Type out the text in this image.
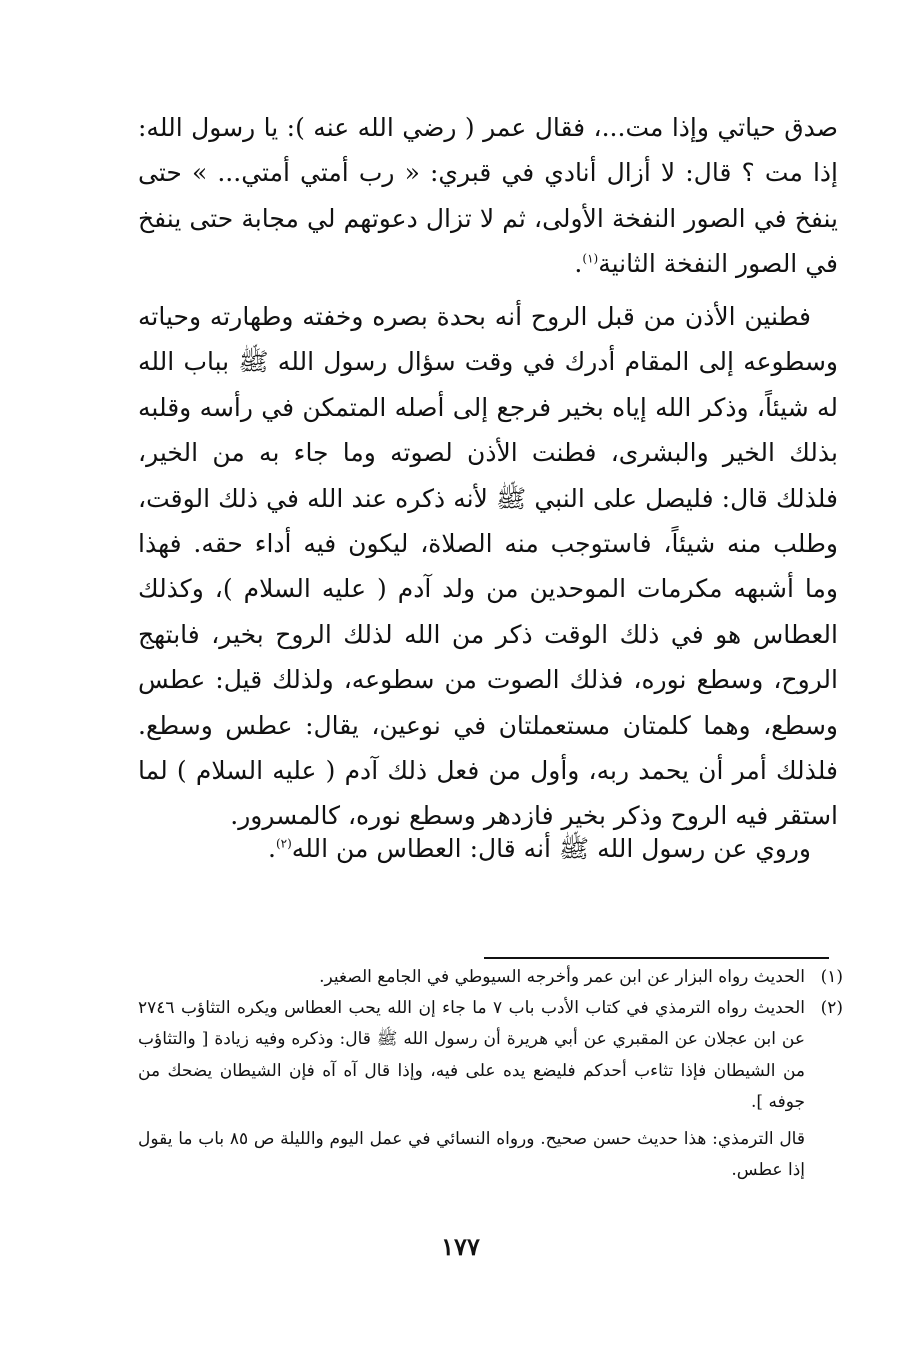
صدق حياتي وإذا مت...، فقال عمر ( رضي الله عنه ): يا رسول الله: إذا مت ؟ قال: لا أزال أنادي في قبري: « رب أمتي أمتي... » حتى ينفخ في الصور النفخة الأولى، ثم لا تزال دعوتهم لي مجابة حتى ينفخ في الصور النفخة الثانية$^{(١)}$.

فطنين الأذن من قبل الروح أنه بحدة بصره وخفته وطهارته وحياته وسطوعه إلى المقام أدرك في وقت سؤال رسول الله ﷺ بباب الله له شيئاً، وذكر الله إياه بخير فرجع إلى أصله المتمكن في رأسه وقلبه بذلك الخير والبشرى، فطنت الأذن لصوته وما جاء به من الخير، فلذلك قال: فليصل على النبي ﷺ لأنه ذكره عند الله في ذلك الوقت، وطلب منه شيئاً، فاستوجب منه الصلاة، ليكون فيه أداء حقه. فهذا وما أشبهه مكرمات الموحدين من ولد آدم ( عليه السلام )، وكذلك العطاس هو في ذلك الوقت ذكر من الله لذلك الروح بخير، فابتهج الروح، وسطع نوره، فذلك الصوت من سطوعه، ولذلك قيل: عطس وسطع، وهما كلمتان مستعملتان في نوعين، يقال: عطس وسطع. فلذلك أمر أن يحمد ربه، وأول من فعل ذلك آدم ( عليه السلام ) لما استقر فيه الروح وذكر بخير فازدهر وسطع نوره، كالمسرور.

وروي عن رسول الله ﷺ أنه قال: العطاس من الله$^{(٢)}$.

(١)
الحديث رواه البزار عن ابن عمر وأخرجه السيوطي في الجامع الصغير.

(٢)
الحديث رواه الترمذي في كتاب الأدب باب ٧ ما جاء إن الله يحب العطاس ويكره التثاؤب ٢٧٤٦ عن ابن عجلان عن المقبري عن أبي هريرة أن رسول الله ﷺ قال: وذكره وفيه زيادة [ والتثاؤب من الشيطان فإذا تثاءب أحدكم فليضع يده على فيه، وإذا قال آه آه فإن الشيطان يضحك من جوفه ].

قال الترمذي: هذا حديث حسن صحيح. ورواه النسائي في عمل اليوم والليلة ص ٨٥ باب ما يقول إذا عطس.

١٧٧
